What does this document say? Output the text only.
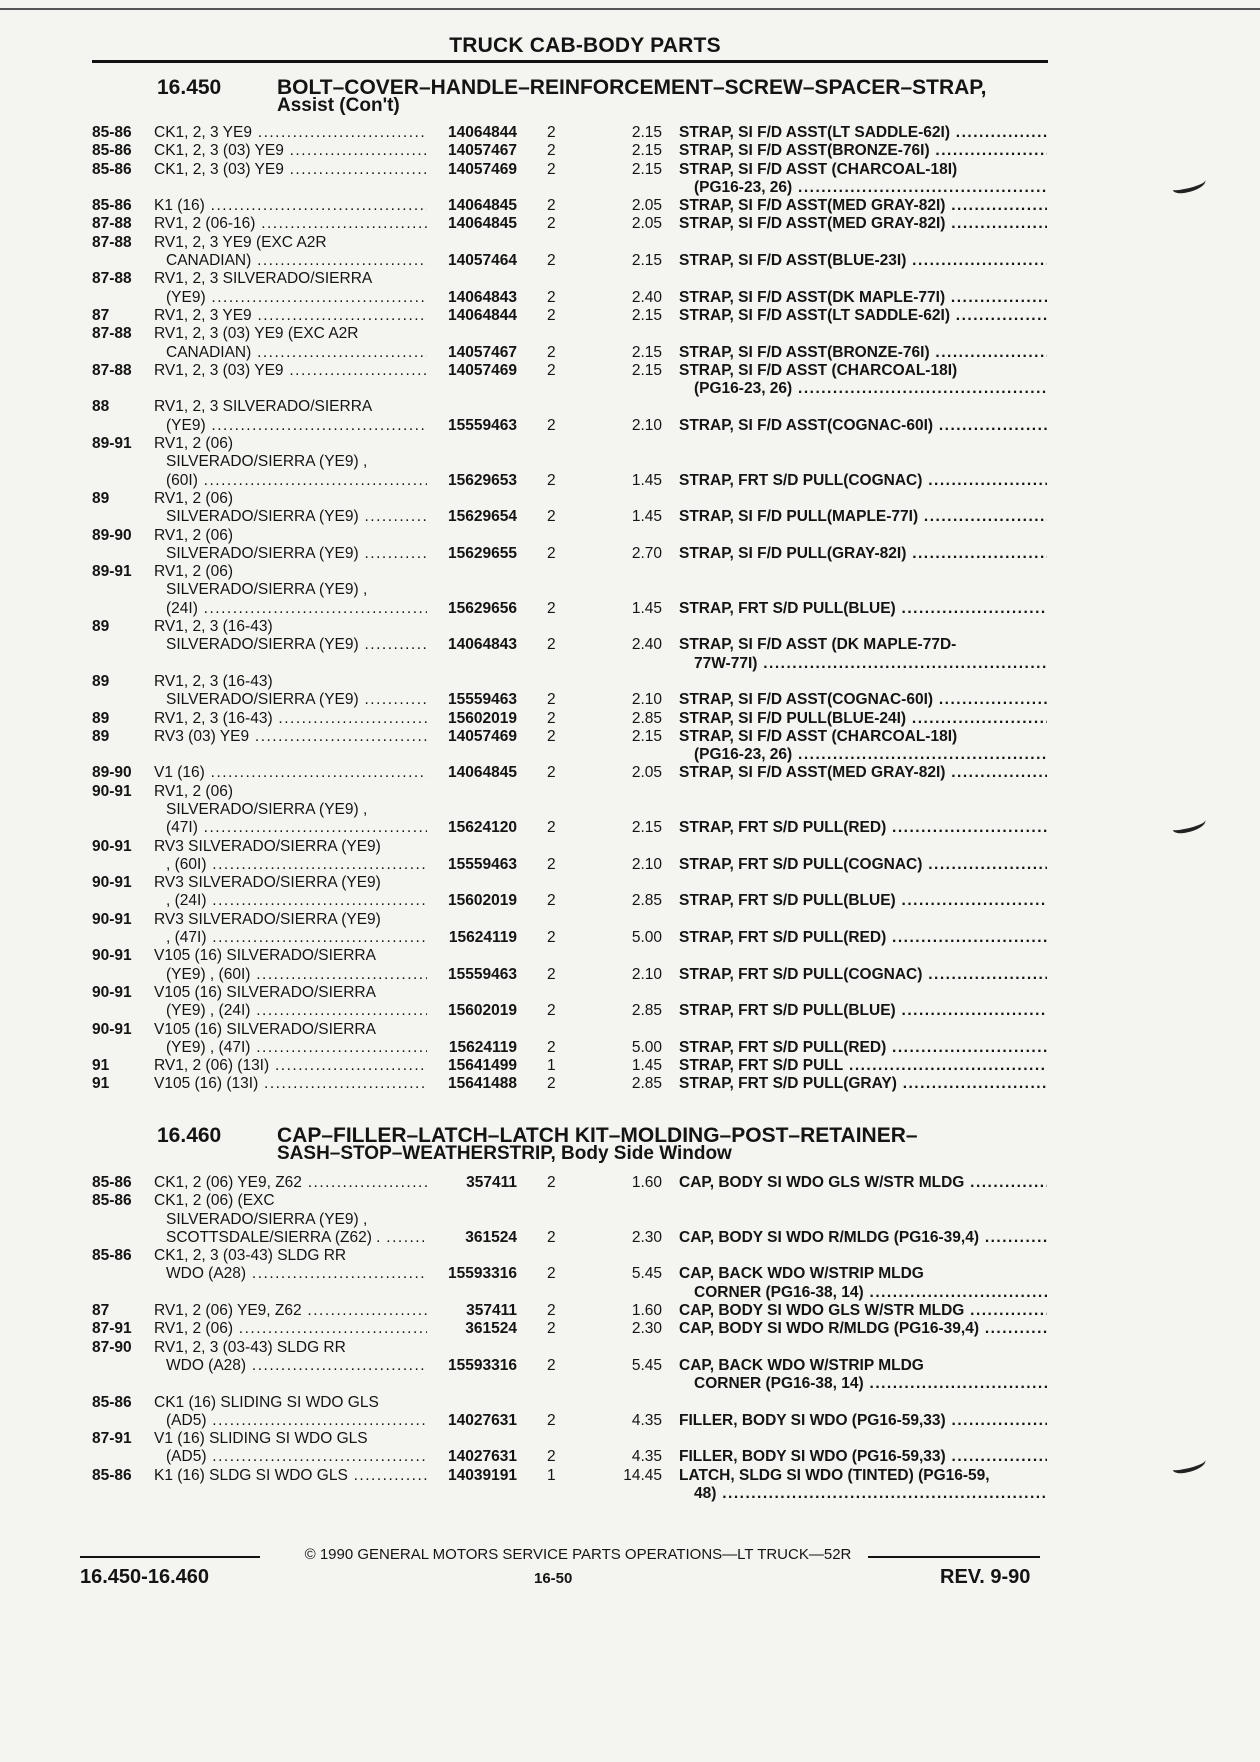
TRUCK CAB-BODY PARTS
16.450	BOLT–COVER–HANDLE–REINFORCEMENT–SCREW–SPACER–STRAP,
Assist (Con't)
85-86	CK1, 2, 3 YE9 .....	14064844 2	2.15 STRAP, SI F/D ASST(LT SADDLE-62I) .....
85-86	CK1, 2, 3 (03) YE9 .....	14057467 2	2.15 STRAP, SI F/D ASST(BRONZE-76I) .....
85-86	CK1, 2, 3 (03) YE9 .....	14057469 2	2.15 STRAP, SI F/D ASST (CHARCOAL-18I)
(PG16-23, 26) .....
85-86	K1 (16) .....	14064845 2	2.05 STRAP, SI F/D ASST(MED GRAY-82I) .....
87-88	RV1, 2 (06-16) .....	14064845 2	2.05 STRAP, SI F/D ASST(MED GRAY-82I) .....
87-88	RV1, 2, 3 YE9 (EXC A2R
CANADIAN) .....	14057464 2	2.15 STRAP, SI F/D ASST(BLUE-23I) .....
87-88	RV1, 2, 3 SILVERADO/SIERRA
(YE9) .....	14064843 2	2.40 STRAP, SI F/D ASST(DK MAPLE-77I) .....
87	RV1, 2, 3 YE9 .....	14064844 2	2.15 STRAP, SI F/D ASST(LT SADDLE-62I) .....
87-88	RV1, 2, 3 (03) YE9 (EXC A2R
CANADIAN) .....	14057467 2	2.15 STRAP, SI F/D ASST(BRONZE-76I) .....
87-88	RV1, 2, 3 (03) YE9 .....	14057469 2	2.15 STRAP, SI F/D ASST (CHARCOAL-18I)
(PG16-23, 26) .....
88	RV1, 2, 3 SILVERADO/SIERRA
(YE9) .....	15559463 2	2.10 STRAP, SI F/D ASST(COGNAC-60I) .....
89-91	RV1, 2 (06)
SILVERADO/SIERRA (YE9) ,
(60I) .....	15629653 2	1.45 STRAP, FRT S/D PULL(COGNAC) .....
89	RV1, 2 (06)
SILVERADO/SIERRA (YE9) .....	15629654 2	1.45 STRAP, SI F/D PULL(MAPLE-77I) .....
89-90	RV1, 2 (06)
SILVERADO/SIERRA (YE9) .....	15629655 2	2.70 STRAP, SI F/D PULL(GRAY-82I) .....
89-91	RV1, 2 (06)
SILVERADO/SIERRA (YE9) ,
(24I) .....	15629656 2	1.45 STRAP, FRT S/D PULL(BLUE) .....
89	RV1, 2, 3 (16-43)
SILVERADO/SIERRA (YE9) .....	14064843 2	2.40 STRAP, SI F/D ASST (DK MAPLE-77D-
77W-77I) .....
89	RV1, 2, 3 (16-43)
SILVERADO/SIERRA (YE9) .....	15559463 2	2.10 STRAP, SI F/D ASST(COGNAC-60I) .....
89	RV1, 2, 3 (16-43) .....	15602019 2	2.85 STRAP, SI F/D PULL(BLUE-24I) .....
89	RV3 (03) YE9 .....	14057469 2	2.15 STRAP, SI F/D ASST (CHARCOAL-18I)
(PG16-23, 26) .....
89-90	V1 (16) .....	14064845 2	2.05 STRAP, SI F/D ASST(MED GRAY-82I) .....
90-91	RV1, 2 (06)
SILVERADO/SIERRA (YE9) ,
(47I) .....	15624120 2	2.15 STRAP, FRT S/D PULL(RED) .....
90-91	RV3 SILVERADO/SIERRA (YE9)
, (60I) .....	15559463 2	2.10 STRAP, FRT S/D PULL(COGNAC) .....
90-91	RV3 SILVERADO/SIERRA (YE9)
, (24I) .....	15602019 2	2.85 STRAP, FRT S/D PULL(BLUE) .....
90-91	RV3 SILVERADO/SIERRA (YE9)
, (47I) .....	15624119 2	5.00 STRAP, FRT S/D PULL(RED) .....
90-91	V105 (16) SILVERADO/SIERRA
(YE9) , (60I) .....	15559463 2	2.10 STRAP, FRT S/D PULL(COGNAC) .....
90-91	V105 (16) SILVERADO/SIERRA
(YE9) , (24I) .....	15602019 2	2.85 STRAP, FRT S/D PULL(BLUE) .....
90-91	V105 (16) SILVERADO/SIERRA
(YE9) , (47I) .....	15624119 2	5.00 STRAP, FRT S/D PULL(RED) .....
91	RV1, 2 (06) (13I) .....	15641499 1	1.45 STRAP, FRT S/D PULL .....
91	V105 (16) (13I) .....	15641488 2	2.85 STRAP, FRT S/D PULL(GRAY) .....
16.460	CAP–FILLER–LATCH–LATCH KIT–MOLDING–POST–RETAINER–
SASH–STOP–WEATHERSTRIP, Body Side Window
85-86	CK1, 2 (06) YE9, Z62 .....	357411 2	1.60 CAP, BODY SI WDO GLS W/STR MLDG .....
85-86	CK1, 2 (06) (EXC
SILVERADO/SIERRA (YE9) ,
SCOTTSDALE/SIERRA (Z62) . .....	361524 2	2.30 CAP, BODY SI WDO R/MLDG (PG16-39,4) .....
85-86	CK1, 2, 3 (03-43) SLDG RR
WDO (A28) .....	15593316 2	5.45 CAP, BACK WDO W/STRIP MLDG
CORNER (PG16-38, 14) .....
87	RV1, 2 (06) YE9, Z62 .....	357411 2	1.60 CAP, BODY SI WDO GLS W/STR MLDG .....
87-91	RV1, 2 (06) .....	361524 2	2.30 CAP, BODY SI WDO R/MLDG (PG16-39,4) .....
87-90	RV1, 2, 3 (03-43) SLDG RR
WDO (A28) .....	15593316 2	5.45 CAP, BACK WDO W/STRIP MLDG
CORNER (PG16-38, 14) .....
85-86	CK1 (16) SLIDING SI WDO GLS
(AD5) .....	14027631 2	4.35 FILLER, BODY SI WDO (PG16-59,33) .....
87-91	V1 (16) SLIDING SI WDO GLS
(AD5) .....	14027631 2	4.35 FILLER, BODY SI WDO (PG16-59,33) .....
85-86	K1 (16) SLDG SI WDO GLS .....	14039191 1	14.45 LATCH, SLDG SI WDO (TINTED) (PG16-59,
48) .....
© 1990 GENERAL MOTORS SERVICE PARTS OPERATIONS—LT TRUCK—52R
16.450-16.460	16-50	REV. 9-90
